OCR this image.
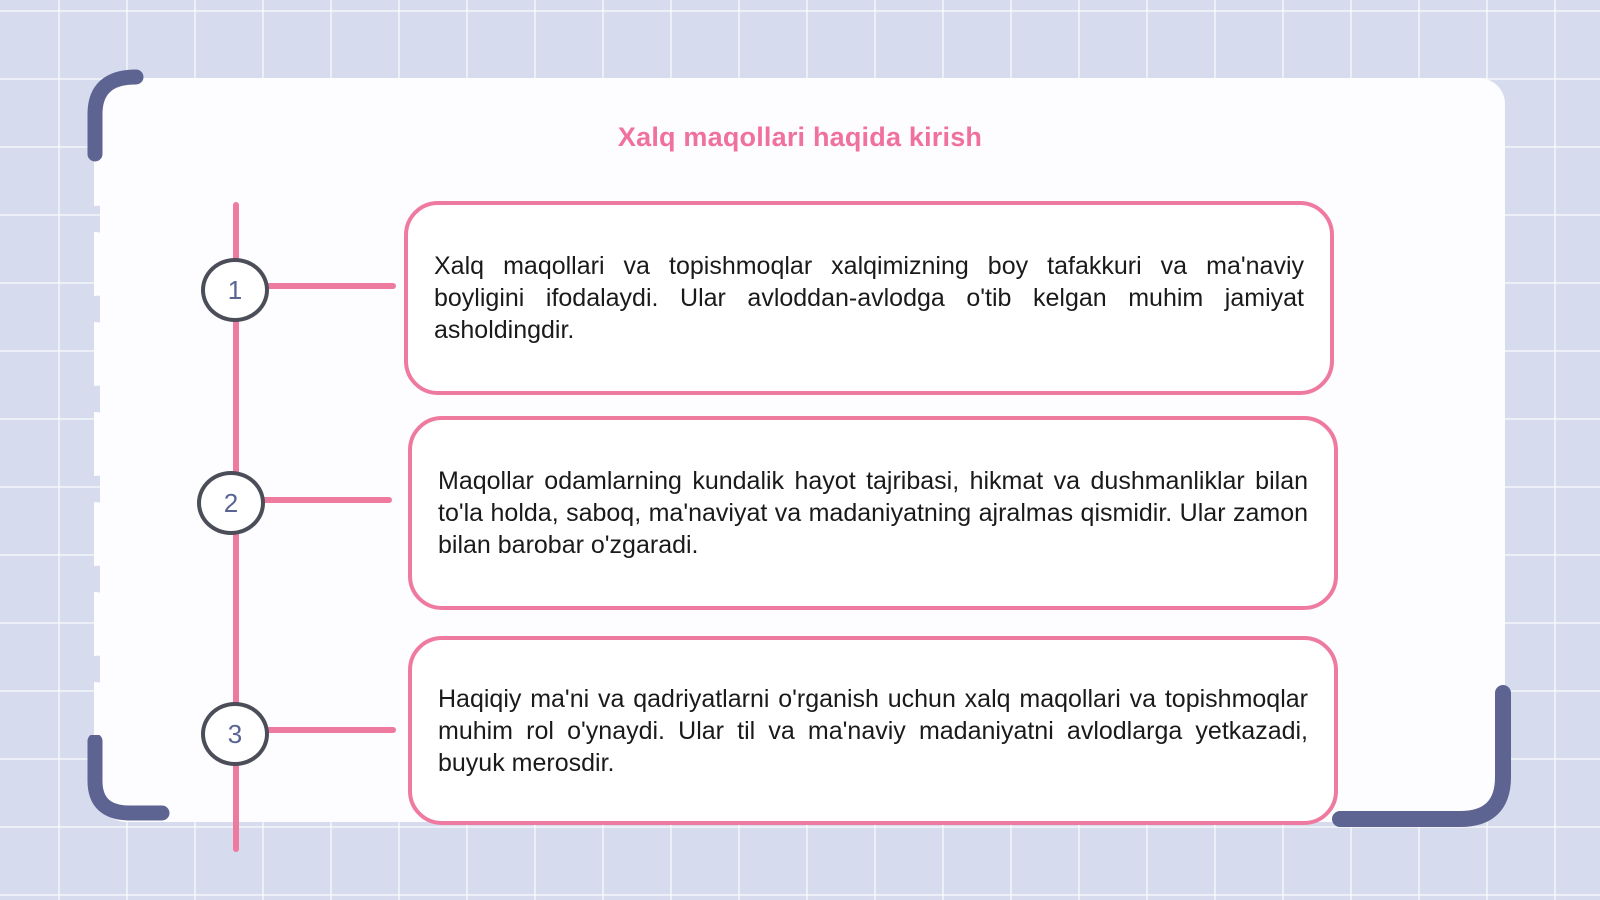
Xalq maqollari haqida kirish
1
2
3
Xalq maqollari va topishmoqlar xalqimizning boy tafakkuri va ma'naviy boyligini ifodalaydi. Ular avloddan-avlodga o'tib kelgan muhim jamiyat asholdingdir.
Maqollar odamlarning kundalik hayot tajribasi, hikmat va dushmanliklar bilan to'la holda, saboq, ma'naviyat va madaniyatning ajralmas qismidir. Ular zamon bilan barobar o'zgaradi.
Haqiqiy ma'ni va qadriyatlarni o'rganish uchun xalq maqollari va topishmoqlar muhim rol o'ynaydi. Ular til va ma'naviy madaniyatni avlodlarga yetkazadi, buyuk merosdir.
